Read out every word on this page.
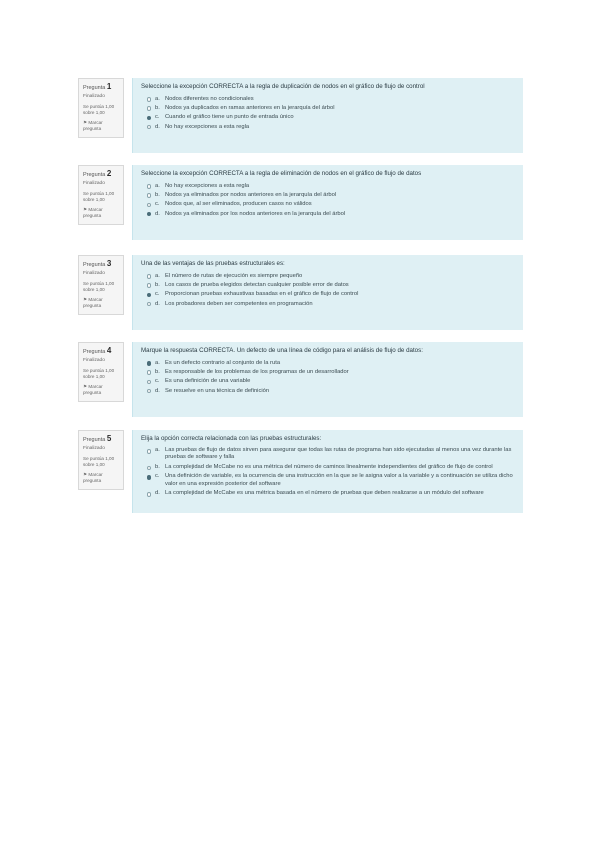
Pregunta 1
Finalizado
Se puntúa 1,00 sobre 1,00
⚑ Marcar pregunta
Seleccione la excepción CORRECTA a la regla de duplicación de nodos en el gráfico de flujo de control
a. Nodos diferentes no condicionales
b. Nodos ya duplicados en ramas anteriores en la jerarquía del árbol
c. Cuando el gráfico tiene un punto de entrada único
d. No hay excepciones a esta regla
Pregunta 2
Finalizado
Se puntúa 1,00 sobre 1,00
⚑ Marcar pregunta
Seleccione la excepción CORRECTA a la regla de eliminación de nodos en el gráfico de flujo de datos
a. No hay excepciones a esta regla
b. Nodos ya eliminados por nodos anteriores en la jerarquía del árbol
c. Nodos que, al ser eliminados, producen casos no válidos
d. Nodos ya eliminados por los nodos anteriores en la jerarquía del árbol
Pregunta 3
Finalizado
Se puntúa 1,00 sobre 1,00
⚑ Marcar pregunta
Una de las ventajas de las pruebas estructurales es:
a. El número de rutas de ejecución es siempre pequeño
b. Los casos de prueba elegidos detectan cualquier posible error de datos
c. Proporcionan pruebas exhaustivas basadas en el gráfico de flujo de control
d. Los probadores deben ser competentes en programación
Pregunta 4
Finalizado
Se puntúa 1,00 sobre 1,00
⚑ Marcar pregunta
Marque la respuesta CORRECTA. Un defecto de una línea de código para el análisis de flujo de datos:
a. Es un defecto contrario al conjunto de la ruta
b. Es responsable de los problemas de los programas de un desarrollador
c. Es una definición de una variable
d. Se resuelve en una técnica de definición
Pregunta 5
Finalizado
Se puntúa 1,00 sobre 1,00
⚑ Marcar pregunta
Elija la opción correcta relacionada con las pruebas estructurales:
a. Las pruebas de flujo de datos sirven para asegurar que todas las rutas de programa han sido ejecutadas al menos una vez durante las pruebas de software y falla
b. La complejidad de McCabe no es una métrica del número de caminos linealmente independientes del gráfico de flujo de control
c. Una definición de variable, es la ocurrencia de una instrucción en la que se le asigna valor a la variable y a continuación se utiliza dicho valor en una expresión posterior del software
d. La complejidad de McCabe es una métrica basada en el número de pruebas que deben realizarse a un módulo del software
